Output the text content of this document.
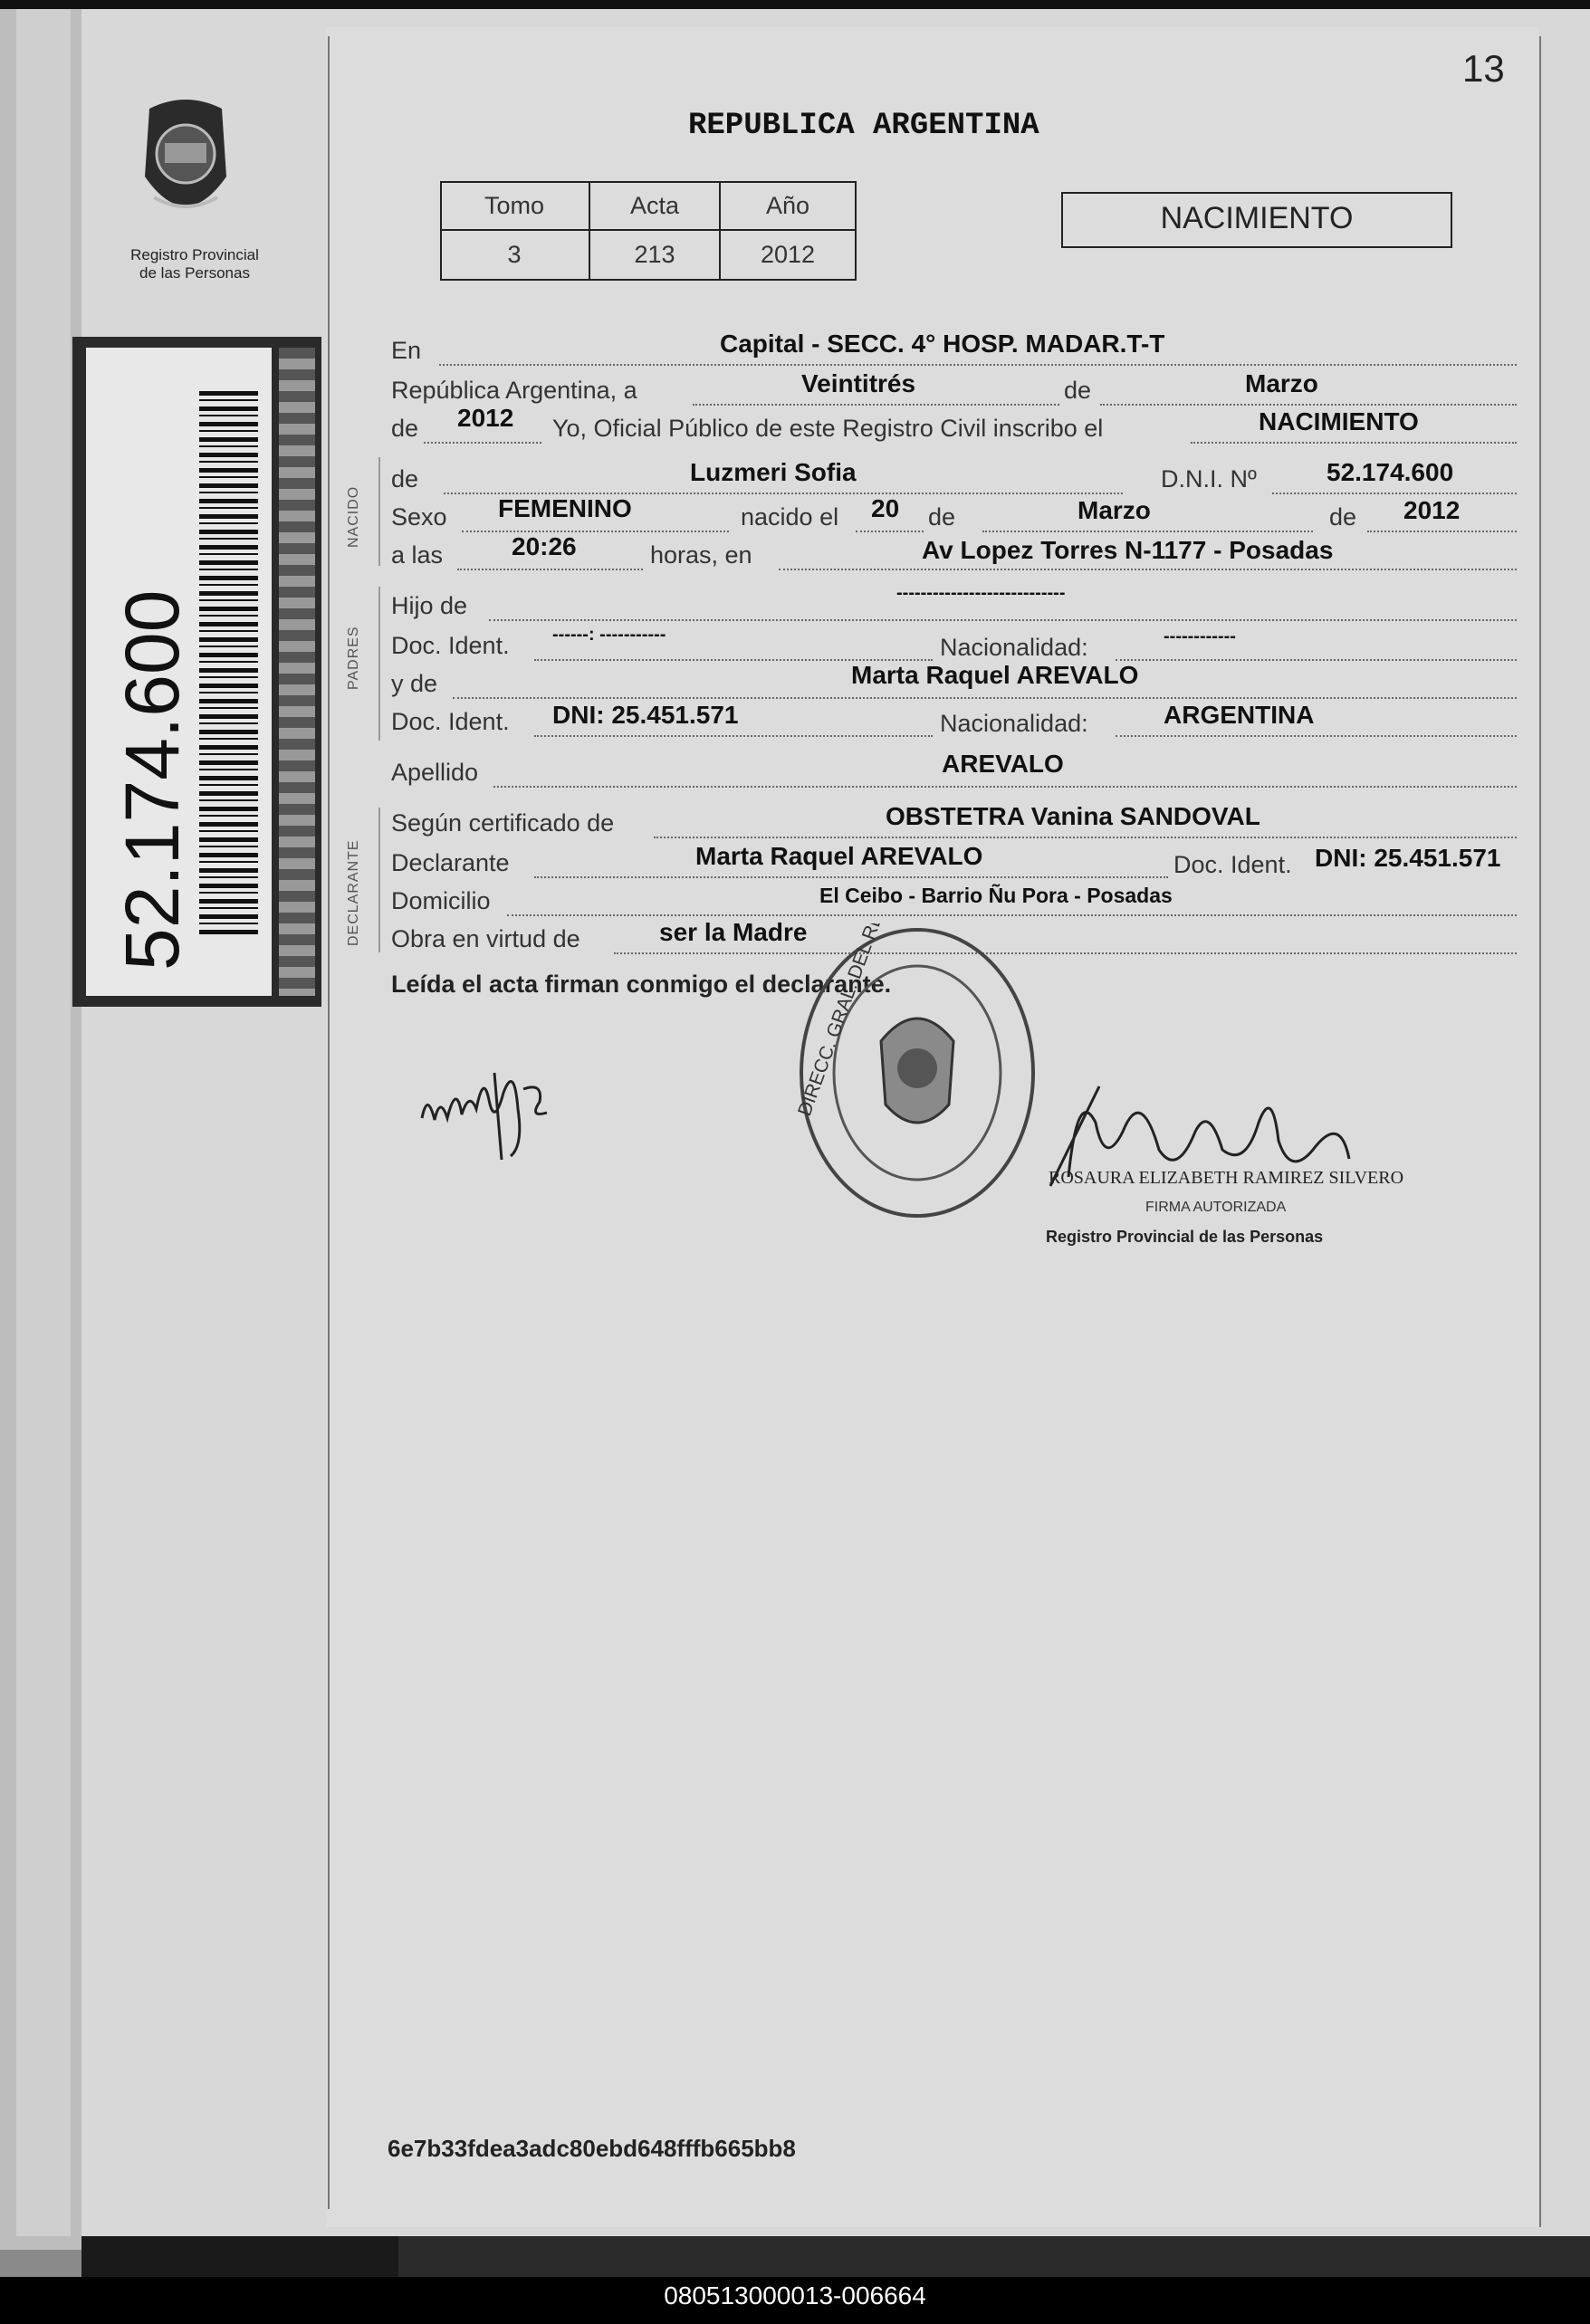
13
Registro Provincial
de las Personas
52.174.600
REPUBLICA ARGENTINA
Tomo	Acta	Año
3	213	2012
NACIMIENTO
NACIDO
PADRES
DECLARANTE
En	Capital - SECC. 4° HOSP. MADAR.T-T
República Argentina, a	Veintitrés	de	Marzo
de 2012 Yo, Oficial Público de este Registro Civil inscribo el	NACIMIENTO
de	Luzmeri Sofia	D.N.I. Nº	52.174.600
Sexo FEMENINO	nacido el 20 de	Marzo	de 2012
a las	20:26	horas, en	Av Lopez Torres N-1177 - Posadas
Hijo de	----------------------------
Doc. Ident. ------: -----------	Nacionalidad:	------------
y de	Marta Raquel AREVALO
Doc. Ident. DNI: 25.451.571	Nacionalidad:	ARGENTINA
Apellido	AREVALO
Según certificado de	OBSTETRA Vanina SANDOVAL
Declarante	Marta Raquel AREVALO	Doc. Ident. DNI: 25.451.571
Domicilio	El Ceibo - Barrio Ñu Pora - Posadas
Obra en virtud de	ser la Madre
Leída el acta firman conmigo el declarante.
ROSAURA ELIZABETH RAMIREZ SILVERO
FIRMA AUTORIZADA
Registro Provincial de las Personas
6e7b33fdea3adc80ebd648fffb665bb8
080513000013-006664
